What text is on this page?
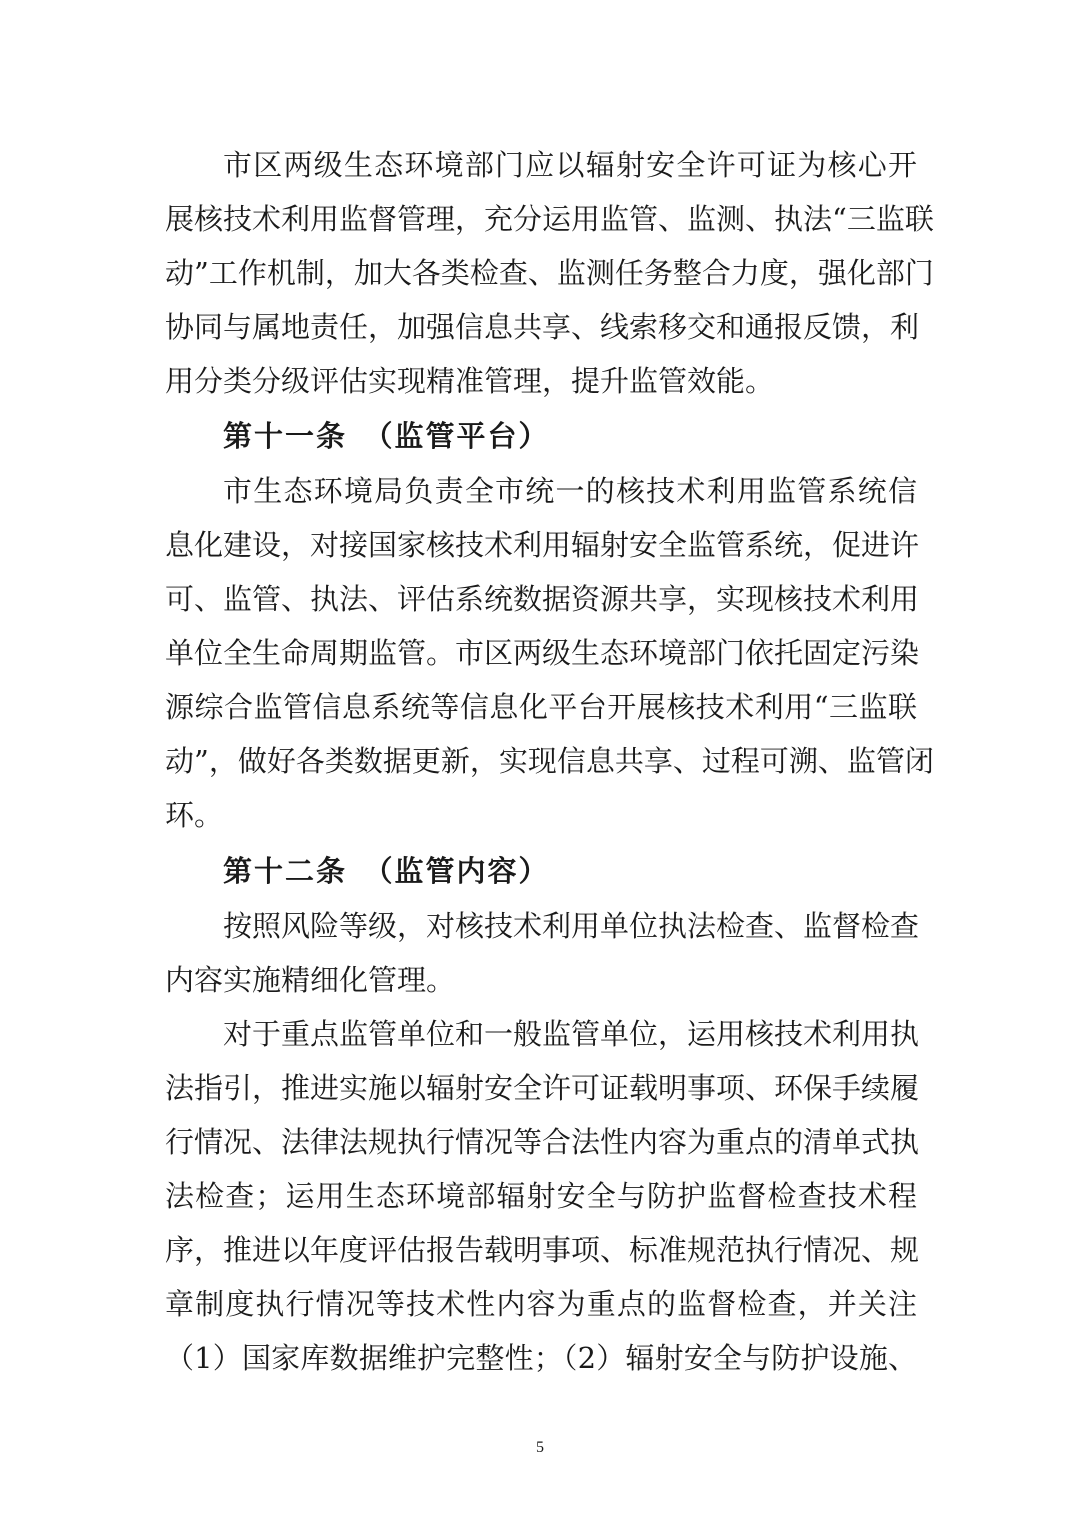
市区两级生态环境部门应以辐射安全许可证为核心开
展核技术利用监督管理，充分运用监管、监测、执法“三监联
动”工作机制，加大各类检查、监测任务整合力度，强化部门
协同与属地责任，加强信息共享、线索移交和通报反馈，利
用分类分级评估实现精准管理，提升监管效能。
第十一条　（监管平台）
市生态环境局负责全市统一的核技术利用监管系统信
息化建设，对接国家核技术利用辐射安全监管系统，促进许
可、监管、执法、评估系统数据资源共享，实现核技术利用
单位全生命周期监管。市区两级生态环境部门依托固定污染
源综合监管信息系统等信息化平台开展核技术利用“三监联
动”，做好各类数据更新，实现信息共享、过程可溯、监管闭
环。
第十二条　（监管内容）
按照风险等级，对核技术利用单位执法检查、监督检查
内容实施精细化管理。
对于重点监管单位和一般监管单位，运用核技术利用执
法指引，推进实施以辐射安全许可证载明事项、环保手续履
行情况、法律法规执行情况等合法性内容为重点的清单式执
法检查；运用生态环境部辐射安全与防护监督检查技术程
序，推进以年度评估报告载明事项、标准规范执行情况、规
章制度执行情况等技术性内容为重点的监督检查，并关注
（1）国家库数据维护完整性；（2）辐射安全与防护设施、
5
